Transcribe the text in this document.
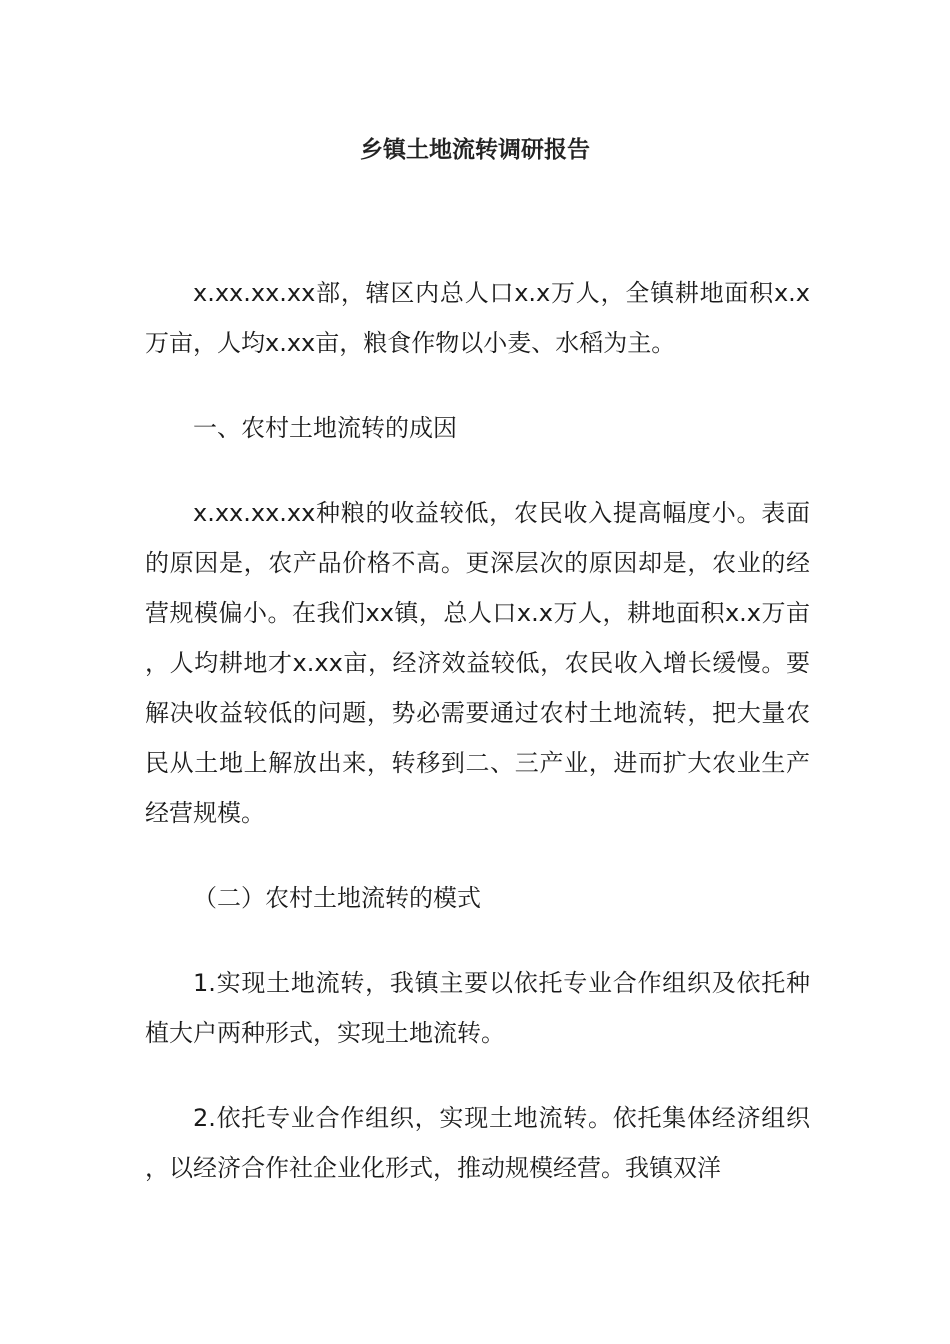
乡镇土地流转调研报告

x.xx.xx.xx部，辖区内总人口x.x万人，全镇耕地面积x.x万亩，人均x.xx亩，粮食作物以小麦、水稻为主。

一、农村土地流转的成因

x.xx.xx.xx种粮的收益较低，农民收入提高幅度小。表面的原因是，农产品价格不高。更深层次的原因却是，农业的经营规模偏小。在我们xx镇，总人口x.x万人，耕地面积x.x万亩，人均耕地才x.xx亩，经济效益较低，农民收入增长缓慢。要解决收益较低的问题，势必需要通过农村土地流转，把大量农民从土地上解放出来，转移到二、三产业，进而扩大农业生产经营规模。

（二）农村土地流转的模式

1.实现土地流转，我镇主要以依托专业合作组织及依托种植大户两种形式，实现土地流转。

2.依托专业合作组织，实现土地流转。依托集体经济组织，以经济合作社企业化形式，推动规模经营。我镇双洋
